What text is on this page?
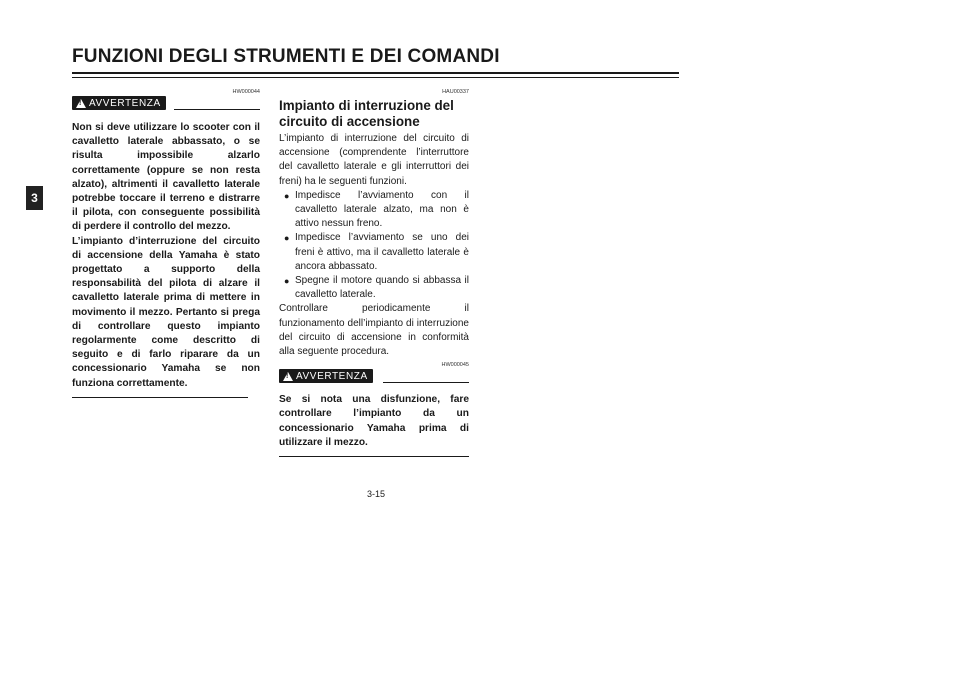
FUNZIONI DEGLI STRUMENTI E DEI COMANDI
3
HW000044
!
AVVERTENZA

Non si deve utilizzare lo scooter con il cavalletto laterale abbassato, o se risulta impossibile alzarlo correttamente (oppure se non resta alzato), altrimenti il cavalletto laterale potrebbe toccare il terreno e distrarre il pilota, con conseguente possibilità di perdere il controllo del mezzo.

L’impianto d’interruzione del circuito di accensione della Yamaha è stato progettato a supporto della responsabilità del pilota di alzare il cavalletto laterale prima di mettere in movimento il mezzo. Pertanto si prega di controllare questo impianto regolarmente come descritto di seguito e di farlo riparare da un concessionario Yamaha se non funziona correttamente.

HAU00337
Impianto di interruzione del circuito di accensione

L’impianto di interruzione del circuito di accensione (comprendente l’interruttore del cavalletto laterale e gli interruttori dei freni) ha le seguenti funzioni.

● Impedisce l’avviamento con il cavalletto laterale alzato, ma non è attivo nessun freno.
● Impedisce l’avviamento se uno dei freni è attivo, ma il cavalletto laterale è ancora abbassato.
● Spegne il motore quando si abbassa il cavalletto laterale.

Controllare periodicamente il funzionamento dell’impianto di interruzione del circuito di accensione in conformità alla seguente procedura.

HW000045
!
AVVERTENZA

Se si nota una disfunzione, fare controllare l’impianto da un concessionario Yamaha prima di utilizzare il mezzo.

3-15
